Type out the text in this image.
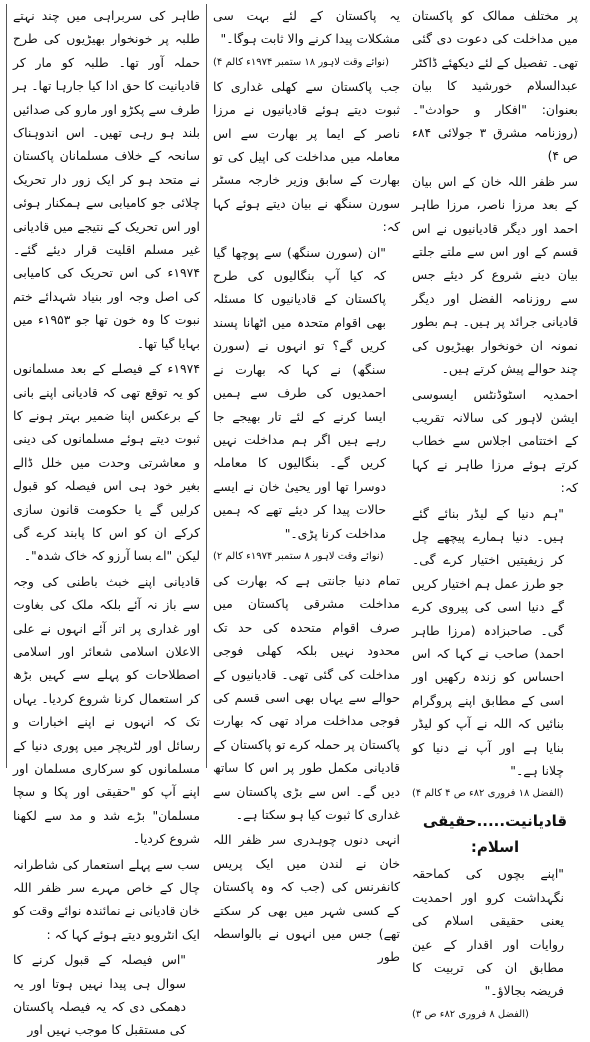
طاہر کی سربراہی میں چند نہتے طلبہ پر خونخوار بھیڑیوں کی طرح حملہ آور تھا۔ طلبہ کو مار کر قادیانیت کا حق ادا کیا جارہا تھا۔ ہر طرف سے پکڑو اور مارو کی صدائیں بلند ہو رہی تھیں۔ اس اندوہناک سانحہ کے خلاف مسلمانان پاکستان نے متحد ہو کر ایک زور دار تحریک چلائی جو کامیابی سے ہمکنار ہوئی اور اس تحریک کے نتیجے میں قادیانی غیر مسلم اقلیت قرار دیئے گئے۔ ۱۹۷۴ء کی اس تحریک کی کامیابی کی اصل وجہ اور بنیاد شہدائے ختم نبوت کا وہ خون تھا جو ۱۹۵۳ء میں بہایا گیا تھا۔

۱۹۷۴ء کے فیصلے کے بعد مسلمانوں کو یہ توقع تھی کہ قادیانی اپنے بانی کے برعکس اپنا ضمیر بہتر ہونے کا ثبوت دیتے ہوئے مسلمانوں کی دینی و معاشرتی وحدت میں خلل ڈالے بغیر خود ہی اس فیصلہ کو قبول کرلیں گے یا حکومت قانون سازی کرکے ان کو اس کا پابند کرے گی لیکن "اے بسا آرزو کہ خاک شدہ"۔

قادیانی اپنے خبث باطنی کی وجہ سے باز نہ آئے بلکہ ملک کی بغاوت اور غداری پر اتر آئے انہوں نے علی الاعلان اسلامی شعائر اور اسلامی اصطلاحات کو پہلے سے کہیں بڑھ کر استعمال کرنا شروع کردیا۔ یہاں تک کہ انہوں نے اپنے اخبارات و رسائل اور لٹریچر میں پوری دنیا کے مسلمانوں کو سرکاری مسلمان اور اپنے آپ کو "حقیقی اور پکا و سچا مسلمان" بڑے شد و مد سے لکھنا شروع کردیا۔

سب سے پہلے استعمار کی شاطرانہ چال کے خاص مہرے سر ظفر اللہ خان قادیانی نے نمائندہ نوائے وقت کو ایک انٹرویو دیتے ہوئے کہا کہ :

"اس فیصلہ کے قبول کرنے کا سوال ہی پیدا نہیں ہوتا اور یہ دھمکی دی کہ یہ فیصلہ پاکستان کی مستقبل کا موجب نہیں اور

یہ پاکستان کے لئے بہت سی مشکلات پیدا کرنے والا ثابت ہوگا۔"

(نوائے وقت لاہور ۱۸ ستمبر ۱۹۷۴ء کالم ۴)

جب پاکستان سے کھلی غداری کا ثبوت دیتے ہوئے قادیانیوں نے مرزا ناصر کے ایما پر بھارت سے اس معاملہ میں مداخلت کی اپیل کی تو بھارت کے سابق وزیر خارجہ مسٹر سورن سنگھ نے بیان دیتے ہوئے کہا کہ:

"ان (سورن سنگھ) سے پوچھا گیا کہ کیا آپ بنگالیوں کی طرح پاکستان کے قادیانیوں کا مسئلہ بھی اقوام متحدہ میں اٹھانا پسند کریں گے؟ تو انہوں نے (سورن سنگھ) نے کہا کہ بھارت نے احمدیوں کی طرف سے ہمیں ایسا کرنے کے لئے تار بھیجے جا رہے ہیں اگر ہم مداخلت نہیں کریں گے۔ بنگالیوں کا معاملہ دوسرا تھا اور یحییٰ خان نے ایسے حالات پیدا کر دیئے تھے کہ ہمیں مداخلت کرنا پڑی۔"

(نوائے وقت لاہور ۸ ستمبر ۱۹۷۴ء کالم ۲)

تمام دنیا جانتی ہے کہ بھارت کی مداخلت مشرقی پاکستان میں صرف اقوام متحدہ کی حد تک محدود نہیں بلکہ کھلی فوجی مداخلت کی گئی تھی۔ قادیانیوں کے حوالے سے یہاں بھی اسی قسم کی فوجی مداخلت مراد تھی کہ بھارت پاکستان پر حملہ کرے تو پاکستان کے قادیانی مکمل طور پر اس کا ساتھ دیں گے۔ اس سے بڑی پاکستان سے غداری کا ثبوت کیا ہو سکتا ہے۔

انہی دنوں چوہدری سر ظفر اللہ خان نے لندن میں ایک پریس کانفرنس کی (جب کہ وہ پاکستان کے کسی شہر میں بھی کر سکتے تھے) جس میں انہوں نے بالواسطہ طور

پر مختلف ممالک کو پاکستان میں مداخلت کی دعوت دی گئی تھی۔ تفصیل کے لئے دیکھئے ڈاکٹر عبدالسلام خورشید کا بیان بعنوان: "افکار و حوادث"۔ (روزنامہ مشرق ۳ جولائی ۸۴ء ص ۴)

سر ظفر اللہ خان کے اس بیان کے بعد مرزا ناصر، مرزا طاہر احمد اور دیگر قادیانیوں نے اس قسم کے اور اس سے ملتے جلتے بیان دینے شروع کر دیئے جس سے روزنامہ الفضل اور دیگر قادیانی جرائد پر ہیں۔ ہم بطور نمونہ ان خونخوار بھیڑیوں کی چند حوالے پیش کرتے ہیں۔

احمدیہ اسٹوڈنٹس ایسوسی ایشن لاہور کی سالانہ تقریب کے اختتامی اجلاس سے خطاب کرتے ہوئے مرزا طاہر نے کہا کہ:

"ہم دنیا کے لیڈر بنائے گئے ہیں۔ دنیا ہمارے پیچھے چل کر زیفیتیں اختیار کرے گی۔ جو طرز عمل ہم اختیار کریں گے دنیا اسی کی پیروی کرے گی۔ صاحبزادہ (مرزا طاہر احمد) صاحب نے کہا کہ اس احساس کو زندہ رکھیں اور اسی کے مطابق اپنے پروگرام بنائیں کہ اللہ نے آپ کو لیڈر بنایا ہے اور آپ نے دنیا کو چلانا ہے۔"

(الفضل ۱۸ فروری ۸۲ء ص ۴ کالم ۴)

قادیانیت.....حقیقی اسلام:

"اپنے بچوں کی کماحقہ نگہداشت کرو اور احمدیت یعنی حقیقی اسلام کی روایات اور اقدار کے عین مطابق ان کی تربیت کا فریضہ بجالاؤ۔"

(الفضل ۸ فروری ۸۲ء ص ۳)
